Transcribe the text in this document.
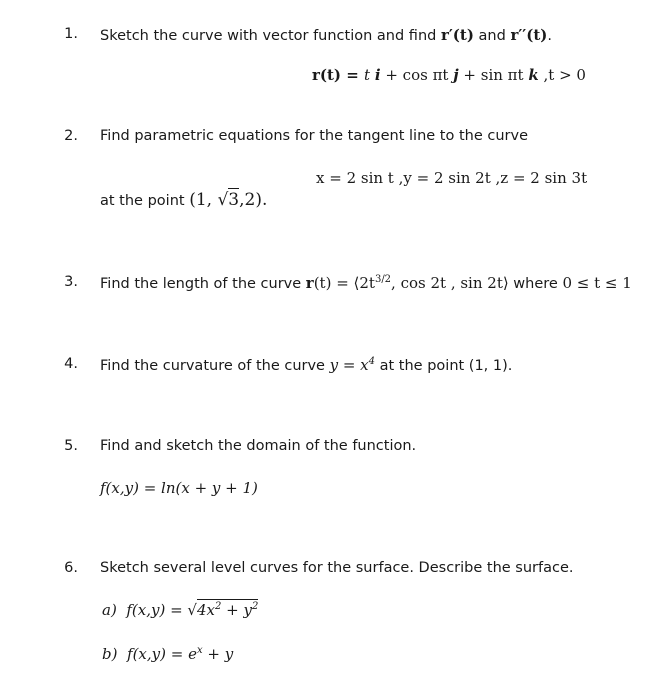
1. Sketch the curve with vector function and find r′(t) and r′′(t).
r(t) = t i + cos πt j + sin πt k ,t > 0
2. Find parametric equations for the tangent line to the curve
x = 2 sin t ,y = 2 sin 2t ,z = 2 sin 3t
at the point (1, √3,2).
3. Find the length of the curve $r(t) = ⟨2t^{3/2}$, cos 2t , sin 2t⟩ where 0 ≤ t ≤ 1
4. Find the curvature of the curve $y = x^4$ at the point (1, 1).
5. Find and sketch the domain of the function.
f(x,y) = ln(x + y + 1)
6. Sketch several level curves for the surface. Describe the surface.
a) $f(x,y) = √4x^2 + y^2$
b) $f(x,y) = e^x + y$
